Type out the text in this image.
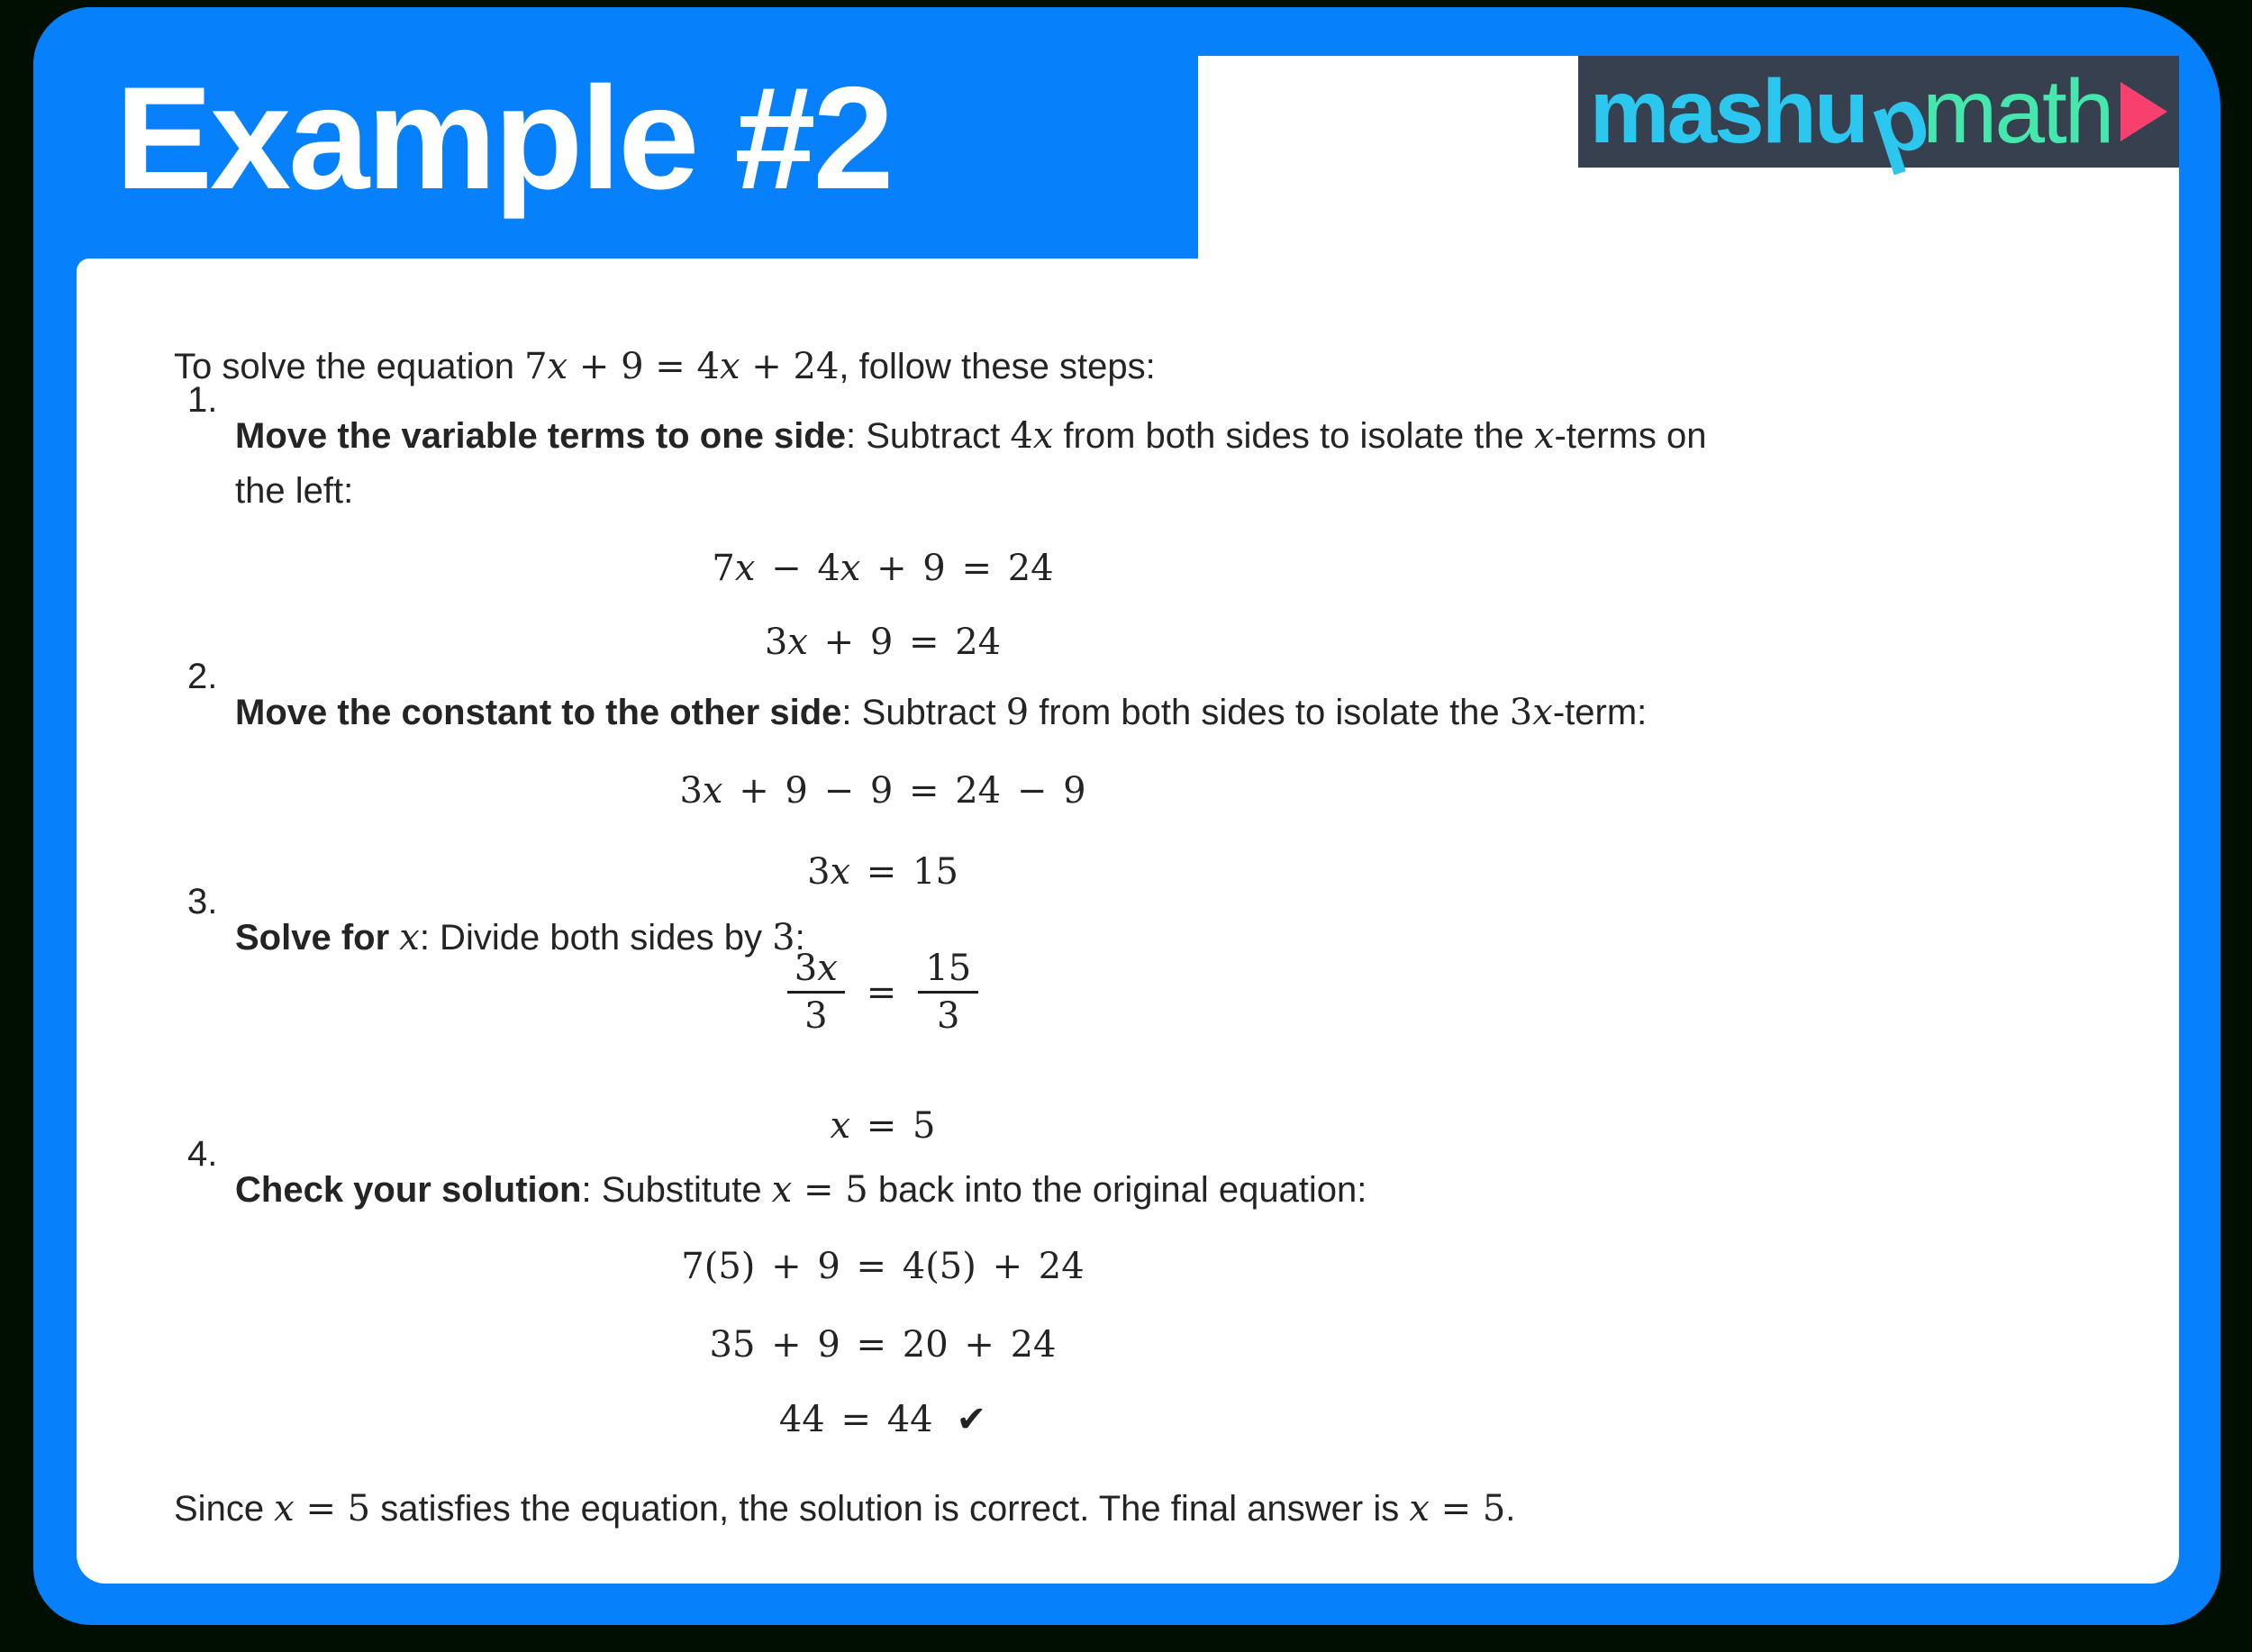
Example #2	mashu
p
math

To solve the equation 7x + 9 = 4x + 24, follow these steps:

1.

Move the variable terms to one side: Subtract 4x from both sides to isolate the x-terms on

the left:

7x − 4x + 9 = 24

3x + 9 = 24

2.

Move the constant to the other side: Subtract 9 from both sides to isolate the 3x-term:

3x + 9 − 9 = 24 − 9

3x = 15

3.

Solve for x: Divide both sides by 3:

$\frac{3x}{3} = \frac{15}{3}$

x = 5

4.

Check your solution: Substitute x = 5 back into the original equation:

7(5) + 9 = 4(5) + 24

35 + 9 = 20 + 24

44 = 44 ✔

Since x = 5 satisfies the equation, the solution is correct. The final answer is x = 5.
